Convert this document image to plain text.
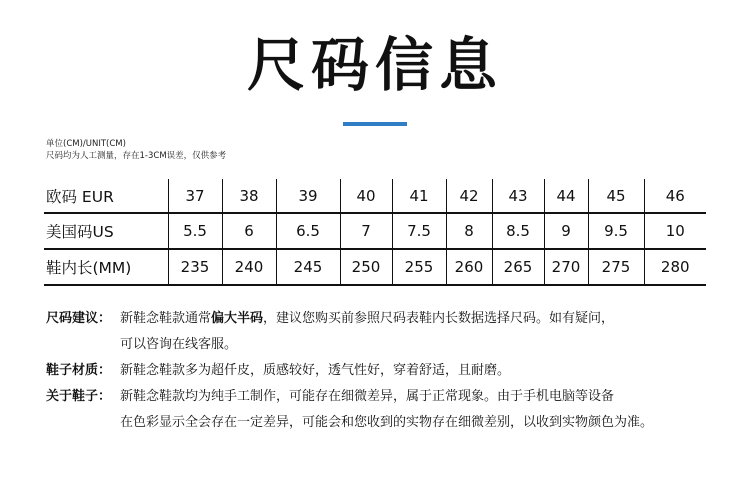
尺码信息
单位(CM)/UNIT(CM)
尺码均为人工测量，存在1-3CM误差，仅供参考
欧码 EUR	37	38	39	40	41	42	43	44	45	46
美国码US	5.5	6	6.5	7	7.5	8	8.5	9	9.5	10
鞋内长(MM)	235	240	245	250	255	260	265	270	275	280
尺码建议： 新鞋念鞋款通常偏大半码，建议您购买前参照尺码表鞋内长数据选择尺码。如有疑问，
可以咨询在线客服。
鞋子材质： 新鞋念鞋款多为超仟皮，质感较好，透气性好，穿着舒适，且耐磨。
关于鞋子： 新鞋念鞋款均为纯手工制作，可能存在细微差异，属于正常现象。由于手机电脑等设备
在色彩显示全会存在一定差异，可能会和您收到的实物存在细微差别，以收到实物颜色为准。
